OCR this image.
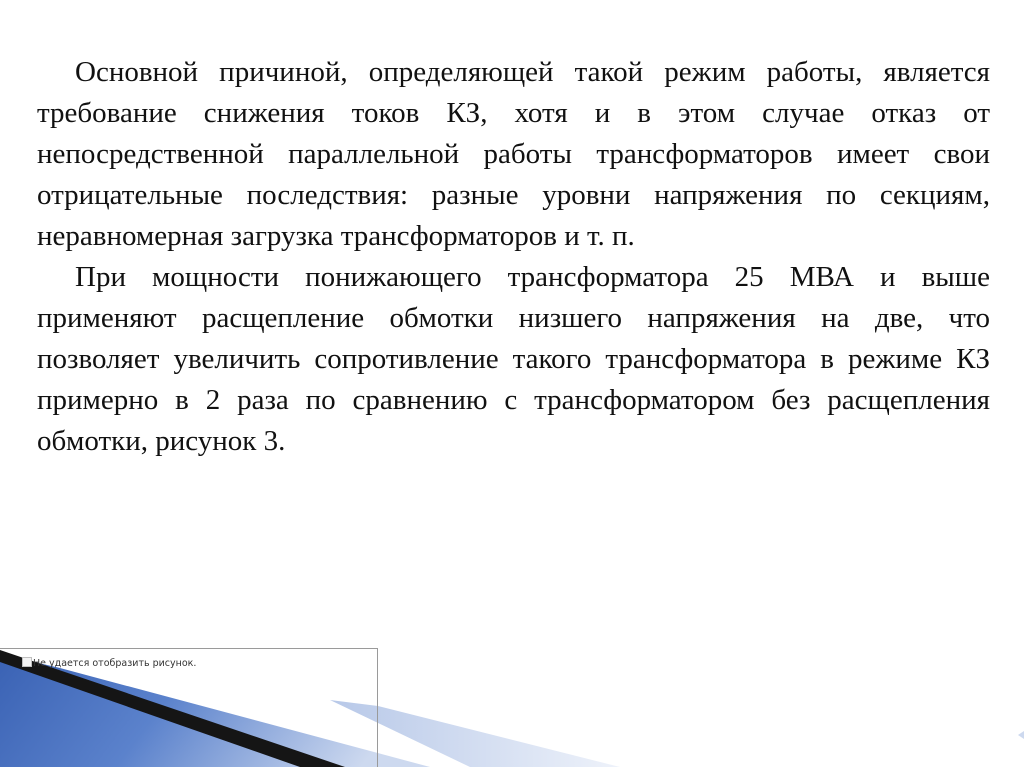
Не удается отобразить рисунок.

Основной причиной, определяющей такой режим работы, является требование снижения токов КЗ, хотя и в этом случае отказ от непосредственной параллельной работы трансформаторов имеет свои отрицательные последствия: разные уровни напряжения по секциям, неравномерная загрузка трансформаторов и т. п.

При мощности понижающего трансформатора 25 МВА и выше применяют расщепление обмотки низшего напряжения на две, что позволяет увеличить сопротивление такого трансформатора в режиме КЗ примерно в 2 раза по сравнению с трансформатором без расщепления обмотки, рисунок 3.
